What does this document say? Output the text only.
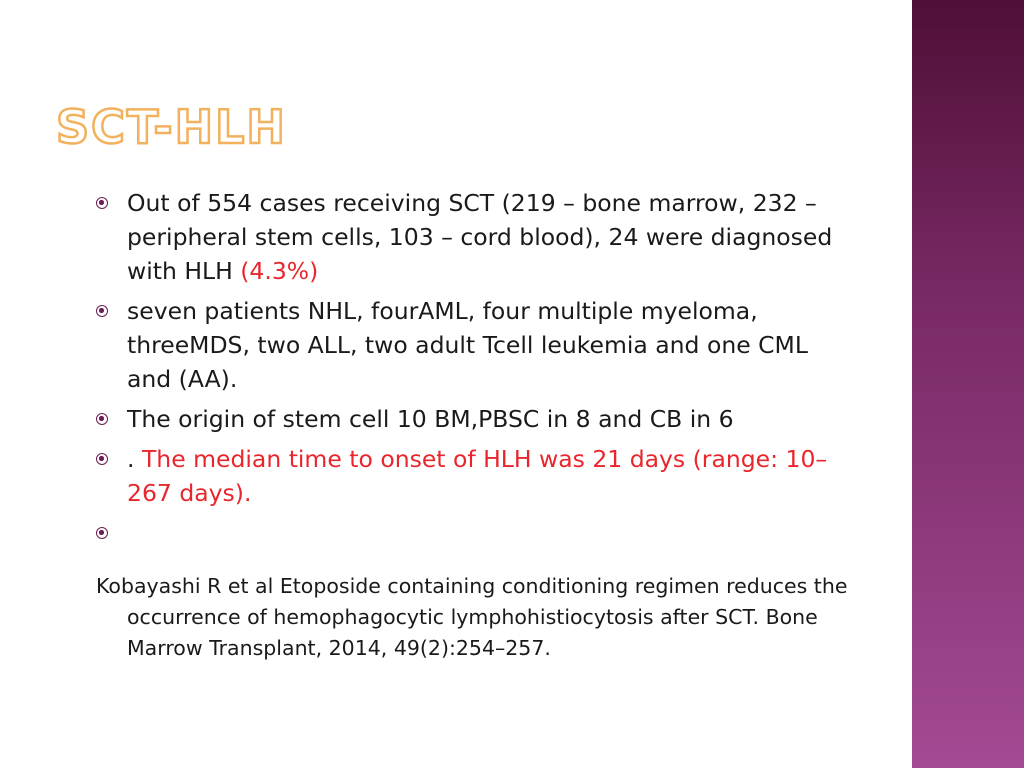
SCT-HLH
Out of 554 cases receiving SCT (219 – bone marrow, 232 –peripheral stem cells, 103 – cord blood), 24 were diagnosed with HLH (4.3%)
seven patients NHL, fourAML, four multiple myeloma, threeMDS, two ALL, two adult Tcell leukemia and one CML and (AA).
The origin of stem cell 10 BM,PBSC in 8 and CB in 6
. The median time to onset of HLH was 21 days (range: 10–267 days).
Kobayashi R et al Etoposide containing conditioning regimen reduces the occurrence of hemophagocytic lymphohistiocytosis after SCT. Bone Marrow Transplant, 2014, 49(2):254–257.
